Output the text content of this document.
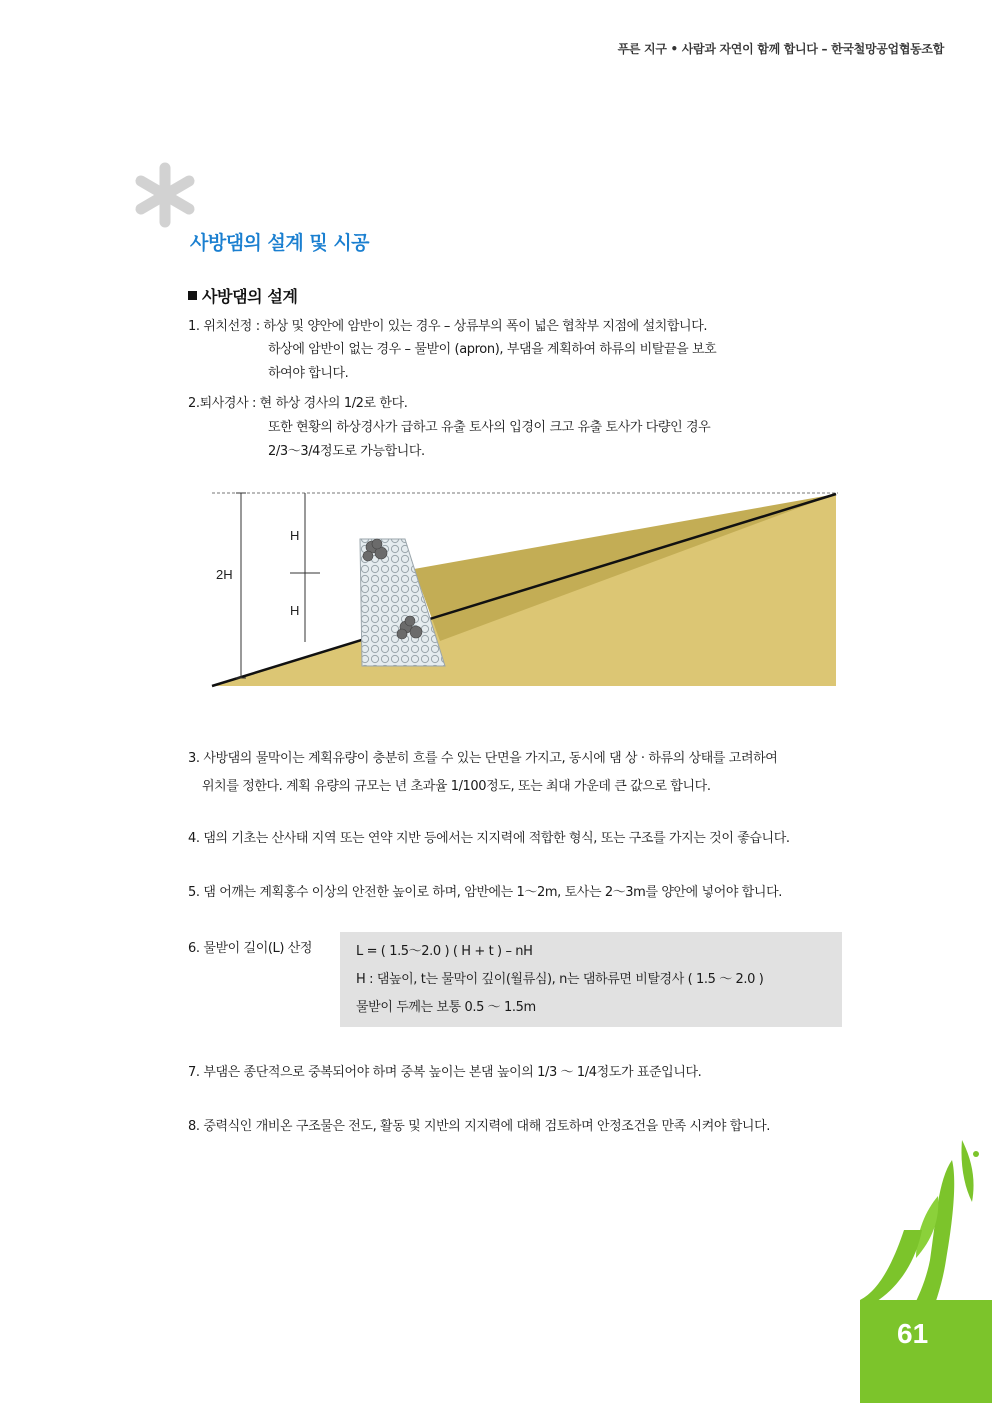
푸른 지구 • 사람과 자연이 함께 합니다 – 한국철망공업협동조합
사방댐의 설계 및 시공
사방댐의 설계
1. 위치선정 : 하상 및 양안에 암반이 있는 경우 – 상류부의 폭이 넓은 협착부 지점에 설치합니다.
하상에 암반이 없는 경우 – 물받이 (apron), 부댐을 계획하여 하류의 비탈끝을 보호
하여야 합니다.
2.퇴사경사 : 현 하상 경사의 1/2로 한다.
또한 현황의 하상경사가 급하고 유출 토사의 입경이 크고 유출 토사가 다량인 경우
2/3～3/4정도로 가능합니다.
2H
H
H
3. 사방댐의 물막이는 계획유량이 충분히 흐를 수 있는 단면을 가지고, 동시에 댐 상 · 하류의 상태를 고려하여
위치를 정한다. 계획 유량의 규모는 년 초과율 1/100정도, 또는 최대 가운데 큰 값으로 합니다.
4. 댐의 기초는 산사태 지역 또는 연약 지반 등에서는 지지력에 적합한 형식, 또는 구조를 가지는 것이 좋습니다.
5. 댐 어깨는 계획홍수 이상의 안전한 높이로 하며, 암반에는 1～2m, 토사는 2～3m를 양안에 넣어야 합니다.
6. 물받이 길이(L) 산정	L = ( 1.5～2.0 ) ( H + t ) – nH
H : 댐높이, t는 물막이 깊이(월류심), n는 댐하류면 비탈경사 ( 1.5 ～ 2.0 )
물받이 두께는 보통 0.5 ～ 1.5m
7. 부댐은 종단적으로 중복되어야 하며 중복 높이는 본댐 높이의 1/3 ～ 1/4정도가 표준입니다.
8. 중력식인 개비온 구조물은 전도, 활동 및 지반의 지지력에 대해 검토하며 안정조건을 만족 시켜야 합니다.
61
